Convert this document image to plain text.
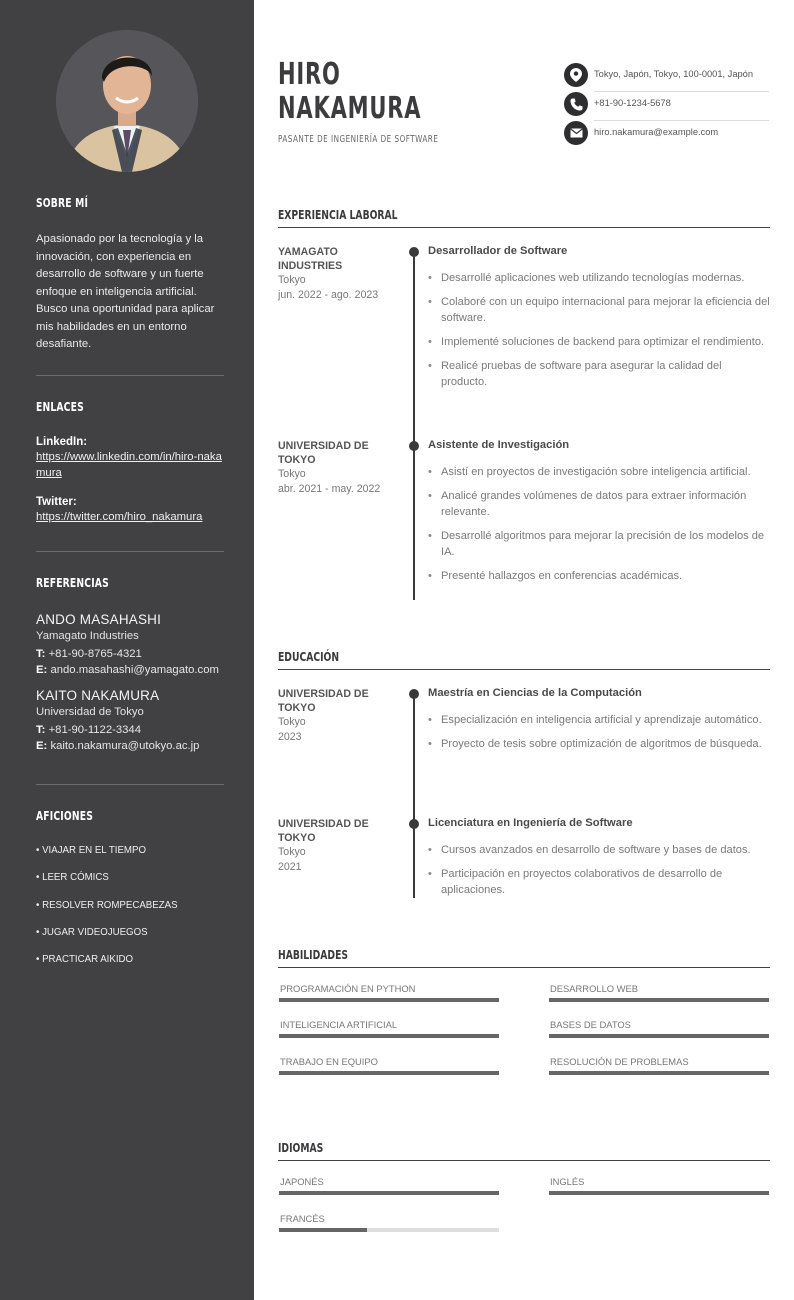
SOBRE MÍ

Apasionado por la tecnología y la innovación, con experiencia en desarrollo de software y un fuerte enfoque en inteligencia artificial. Busco una oportunidad para aplicar mis habilidades en un entorno desafiante.

ENLACES
LinkedIn:
https://www.linkedin.com/in/hiro-nakamura
Twitter:
https://twitter.com/hiro_nakamura
REFERENCIAS
ANDO MASAHASHI
Yamagato Industries
T: +81-90-8765-4321
E: ando.masahashi@yamagato.com
KAITO NAKAMURA
Universidad de Tokyo
T: +81-90-1122-3344
E: kaito.nakamura@utokyo.ac.jp
AFICIONES
• VIAJAR EN EL TIEMPO
• LEER CÓMICS
• RESOLVER ROMPECABEZAS
• JUGAR VIDEOJUEGOS
• PRACTICAR AIKIDO
HIRO
NAKAMURA
PASANTE DE INGENIERÍA DE SOFTWARE
Tokyo, Japón, Tokyo, 100-0001, Japón
+81-90-1234-5678
hiro.nakamura@example.com
EXPERIENCIA LABORAL
YAMAGATO INDUSTRIES
Tokyo
jun. 2022 - ago. 2023
Desarrollador de Software
• Desarrollé aplicaciones web utilizando tecnologías modernas.
• Colaboré con un equipo internacional para mejorar la eficiencia del software.
• Implementé soluciones de backend para optimizar el rendimiento.
• Realicé pruebas de software para asegurar la calidad del producto.
UNIVERSIDAD DE TOKYO
Tokyo
abr. 2021 - may. 2022
Asistente de Investigación
• Asistí en proyectos de investigación sobre inteligencia artificial.
• Analicé grandes volúmenes de datos para extraer información relevante.
• Desarrollé algoritmos para mejorar la precisión de los modelos de IA.
• Presenté hallazgos en conferencias académicas.
EDUCACIÓN
UNIVERSIDAD DE TOKYO
Tokyo
2023
Maestría en Ciencias de la Computación
• Especialización en inteligencia artificial y aprendizaje automático.
• Proyecto de tesis sobre optimización de algoritmos de búsqueda.
UNIVERSIDAD DE TOKYO
Tokyo
2021
Licenciatura en Ingeniería de Software
• Cursos avanzados en desarrollo de software y bases de datos.
• Participación en proyectos colaborativos de desarrollo de aplicaciones.
HABILIDADES
PROGRAMACIÓN EN PYTHON	DESARROLLO WEB
INTELIGENCIA ARTIFICIAL	BASES DE DATOS
TRABAJO EN EQUIPO	RESOLUCIÓN DE PROBLEMAS
IDIOMAS
JAPONÉS	INGLÉS
FRANCÉS
